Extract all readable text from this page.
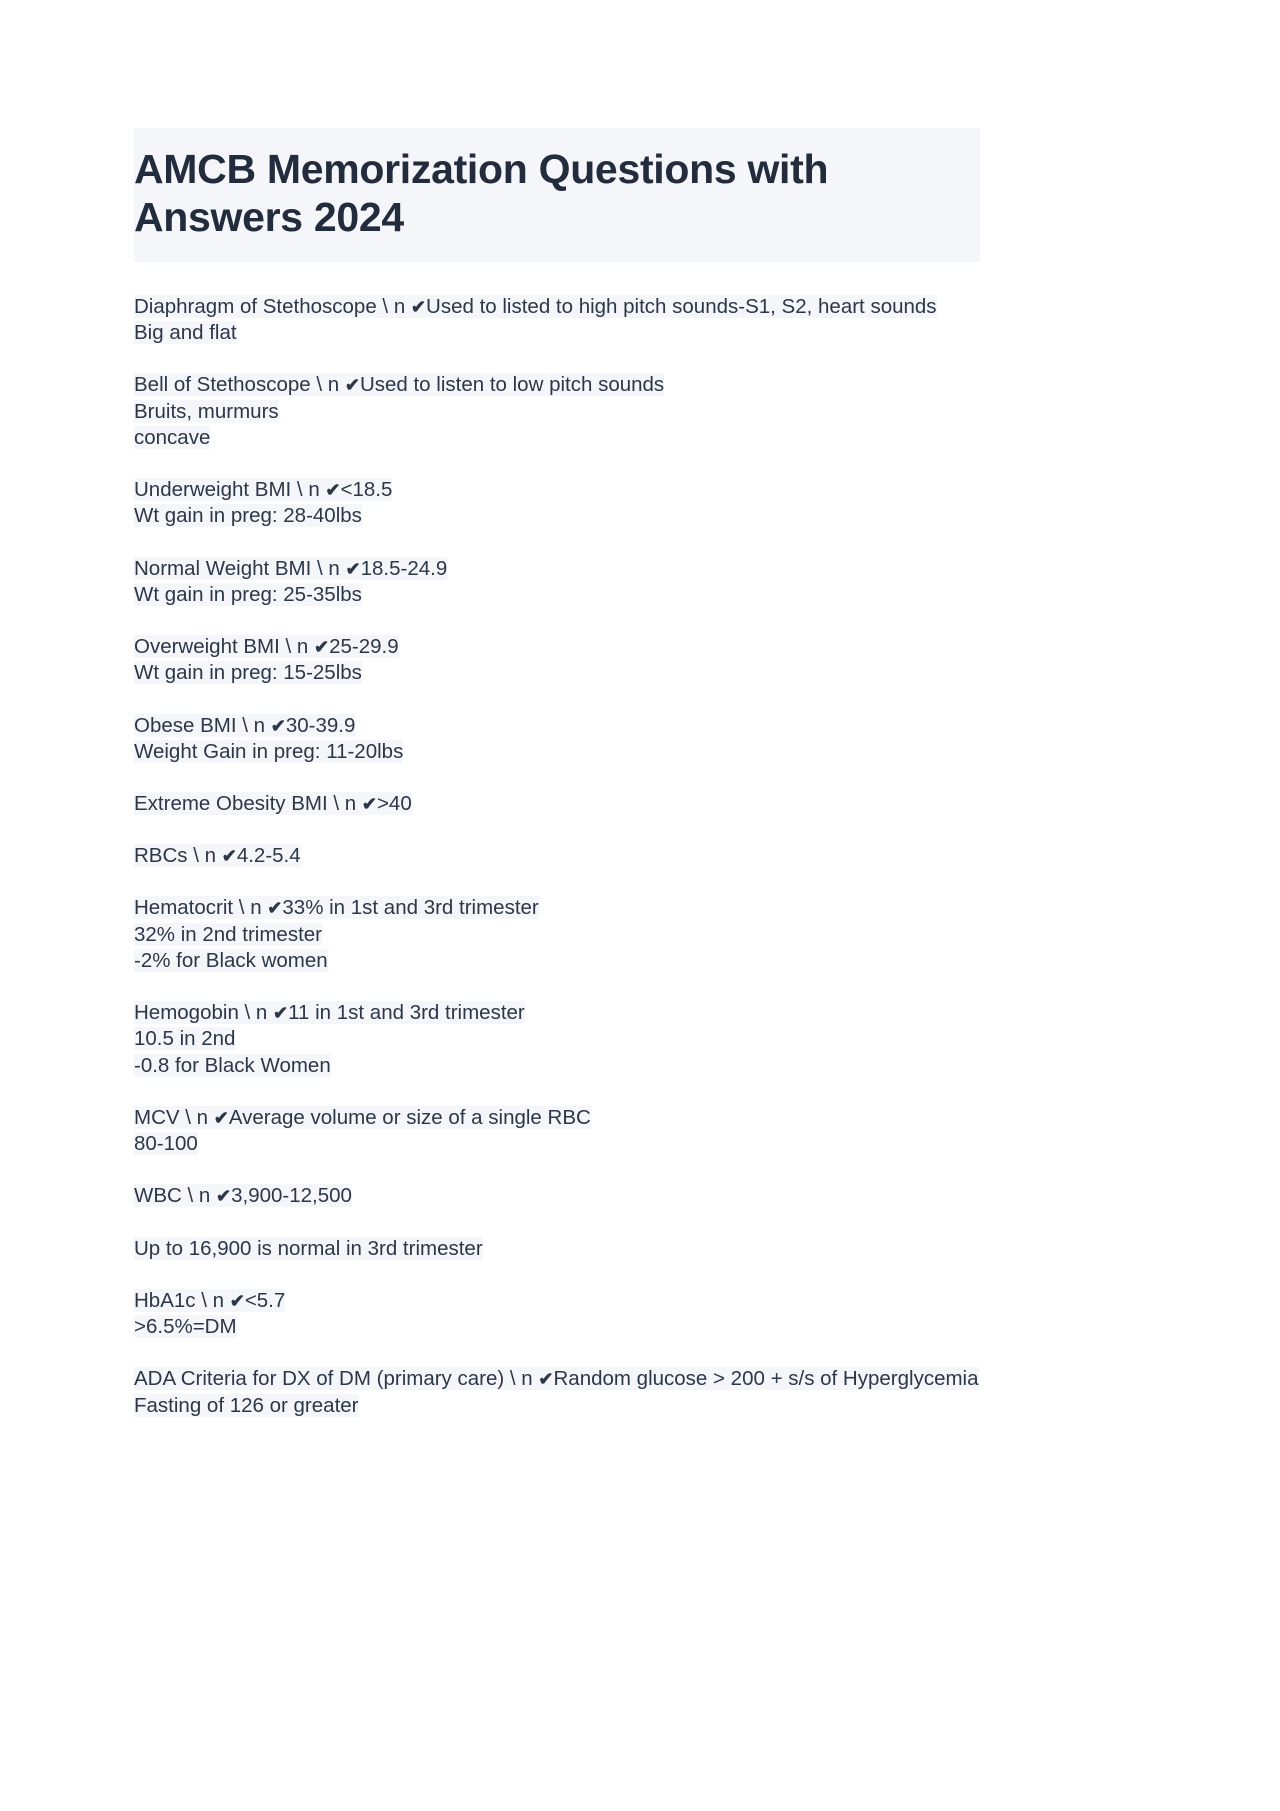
AMCB Memorization Questions with Answers 2024
Diaphragm of Stethoscope \ n ✔Used to listed to high pitch sounds-S1, S2, heart sounds
Big and flat
Bell of Stethoscope \ n ✔Used to listen to low pitch sounds
Bruits, murmurs
concave
Underweight BMI \ n ✔<18.5
Wt gain in preg: 28-40lbs
Normal Weight BMI \ n ✔18.5-24.9
Wt gain in preg: 25-35lbs
Overweight BMI \ n ✔25-29.9
Wt gain in preg: 15-25lbs
Obese BMI \ n ✔30-39.9
Weight Gain in preg: 11-20lbs
Extreme Obesity BMI \ n ✔>40
RBCs \ n ✔4.2-5.4
Hematocrit \ n ✔33% in 1st and 3rd trimester
32% in 2nd trimester
-2% for Black women
Hemogobin \ n ✔11 in 1st and 3rd trimester
10.5 in 2nd
-0.8 for Black Women
MCV \ n ✔Average volume or size of a single RBC
80-100
WBC \ n ✔3,900-12,500
Up to 16,900 is normal in 3rd trimester
HbA1c \ n ✔<5.7
>6.5%=DM
ADA Criteria for DX of DM (primary care) \ n ✔Random glucose > 200 + s/s of Hyperglycemia
Fasting of 126 or greater
